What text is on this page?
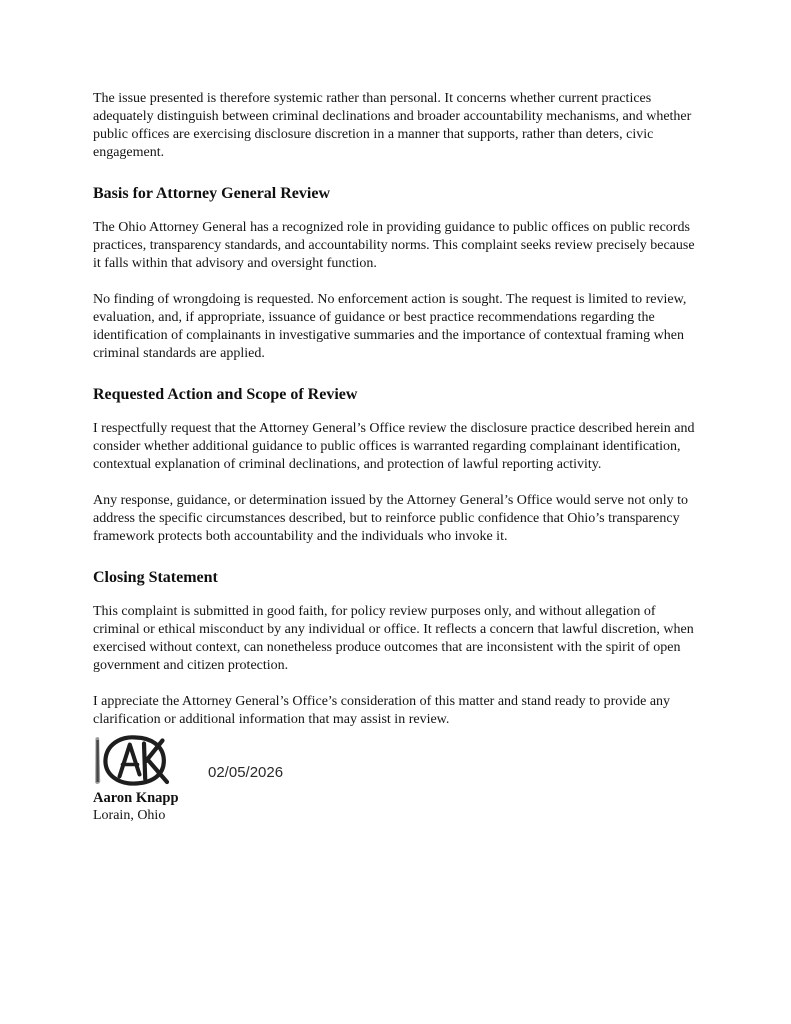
The issue presented is therefore systemic rather than personal. It concerns whether current practices adequately distinguish between criminal declinations and broader accountability mechanisms, and whether public offices are exercising disclosure discretion in a manner that supports, rather than deters, civic engagement.

Basis for Attorney General Review

The Ohio Attorney General has a recognized role in providing guidance to public offices on public records practices, transparency standards, and accountability norms. This complaint seeks review precisely because it falls within that advisory and oversight function.

No finding of wrongdoing is requested. No enforcement action is sought. The request is limited to review, evaluation, and, if appropriate, issuance of guidance or best practice recommendations regarding the identification of complainants in investigative summaries and the importance of contextual framing when criminal standards are applied.

Requested Action and Scope of Review

I respectfully request that the Attorney General’s Office review the disclosure practice described herein and consider whether additional guidance to public offices is warranted regarding complainant identification, contextual explanation of criminal declinations, and protection of lawful reporting activity.

Any response, guidance, or determination issued by the Attorney General’s Office would serve not only to address the specific circumstances described, but to reinforce public confidence that Ohio’s transparency framework protects both accountability and the individuals who invoke it.

Closing Statement

This complaint is submitted in good faith, for policy review purposes only, and without allegation of criminal or ethical misconduct by any individual or office. It reflects a concern that lawful discretion, when exercised without context, can nonetheless produce outcomes that are inconsistent with the spirit of open government and citizen protection.

I appreciate the Attorney General’s Office’s consideration of this matter and stand ready to provide any clarification or additional information that may assist in review.

02/05/2026
Aaron Knapp
Lorain, Ohio
